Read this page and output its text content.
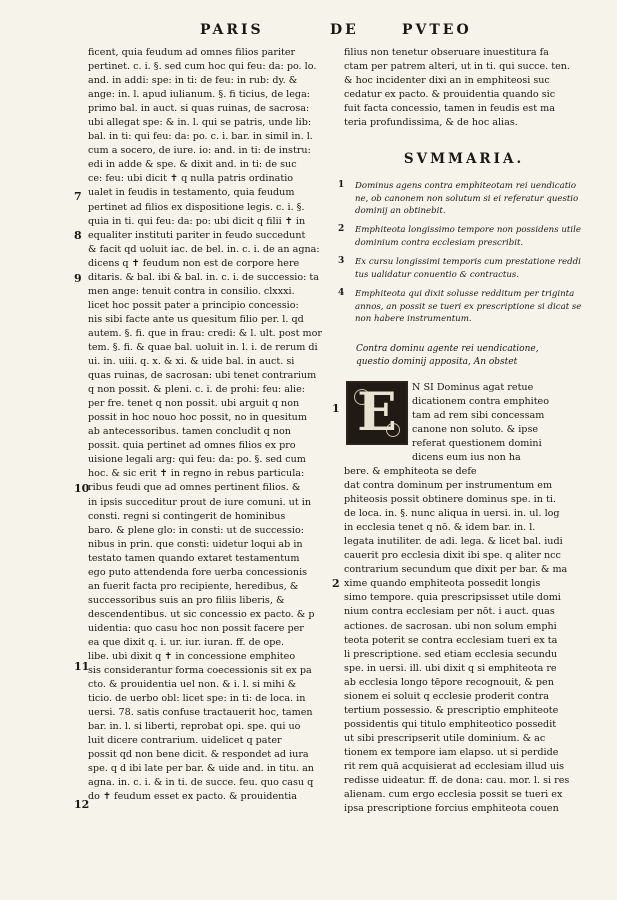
PARIS	DE	PVTEO
ficent, quia feudum ad omnes filios pariter
pertinet. c. i. §. sed cum hoc qui feu: da: po. lo.
and. in addi: spe: in ti: de feu: in rub: dy. &
ange: in. l. apud iulianum. §. fi ticius, de lega:
primo bal. in auct. si quas ruinas, de sacrosa:
ubi allegat spe: & in. l. qui se patris, unde lib:
bal. in ti: qui feu: da: po. c. i. bar. in simil in. l.
cum a socero, de iure. io: and. in ti: de instru:
edi in adde & spe. & dixit and. in ti: de suc
ce: feu: ubi dicit ✝ q nulla patris ordinatio
ualet in feudis in testamento, quia feudum
pertinet ad filios ex dispositione legis. c. i. §.
quia in ti. qui feu: da: po: ubi dicit q filii ✝ in
equaliter instituti pariter in feudo succedunt
& facit qd uoluit iac. de bel. in. c. i. de an agna:
dicens q ✝ feudum non est de corpore here
ditaris. & bal. ibi & bal. in. c. i. de successio: ta
men ange: tenuit contra in consilio. clxxxi.
licet hoc possit pater a principio concessio:
nis sibi facte ante us quesitum filio per. l. qd
autem. §. fi. que in frau: credi: & l. ult. post mor
tem. §. fi. & quae bal. uoluit in. l. i. de rerum di
ui. in. uiii. q. x. & xi. & uide bal. in auct. si
quas ruinas, de sacrosan: ubi tenet contrarium
q non possit. & pleni. c. i. de prohi: feu: alie:
per fre. tenet q non possit. ubi arguit q non
possit in hoc nouo hoc possit, no in quesitum
ab antecessoribus. tamen concludit q non
possit. quia pertinet ad omnes filios ex pro
uisione legali arg: qui feu: da: po. §. sed cum
hoc. & sic erit ✝ in regno in rebus particula:
ribus feudi que ad omnes pertinent filios. &
in ipsis succeditur prout de iure comuni. ut in
consti. regni si contingerit de hominibus
baro. & plene glo: in consti: ut de successio:
nibus in prin. que consti: uidetur loqui ab in
testato tamen quando extaret testamentum
ego puto attendenda fore uerba concessionis
an fuerit facta pro recipiente, heredibus, &
successoribus suis an pro filiis liberis, &
descendentibus. ut sic concessio ex pacto. & p
uidentia: quo casu hoc non possit facere per
ea que dixit q. i. ur. iur. iuran. ff. de ope.
libe. ubi dixit q ✝ in concessione emphiteo
sis considerantur forma coecessionis sit ex pa
cto. & prouidentia uel non. & i. l. si mihi &
ticio. de uerbo obl: licet spe: in ti: de loca. in
uersi. 78. satis confuse tractauerit hoc, tamen
bar. in. l. si liberti, reprobat opi. spe. qui uo
luit dicere contrarium. uidelicet q pater
possit qd non bene dicit. & respondet ad iura
spe. q d ibi late per bar. & uide and. in titu. an
agna. in. c. i. & in ti. de succe. feu. quo casu q
do ✝ feudum esset ex pacto. & prouidentia
filius non tenetur obseruare inuestitura fa
ctam per patrem alteri, ut in ti. qui succe. ten.
& hoc incidenter dixi an in emphiteosi suc
cedatur ex pacto. & prouidentia quando sic
fuit facta concessio, tamen in feudis est ma
teria profundissima, & de hoc alias.
SVMMARIA.
1 Dominus agens contra emphiteotam rei uendicatio
ne, ob canonem non solutum si ei referatur questio
dominij an obtinebit.
2 Emphiteota longissimo tempore non possidens utile
dominium contra ecclesiam prescribit.
3 Ex cursu longissimi temporis cum prestatione reddi
tus ualidatur conuentio & contractus.
4 Emphiteota qui dixit solusse redditum per triginta
annos, an possit se tueri ex prescriptione si dicat se
non habere instrumentum.
Contra dominu agente rei uendicatione,
questio dominij apposita, An obstet
E	N SI Dominus agat retue
dicationem contra emphiteo
tam ad rem sibi concessam
canone non soluto. & ipse
referat questionem domini
dicens eum ius non ha
bere. & emphiteota se defe
dat contra dominum per instrumentum em
phiteosis possit obtinere dominus spe. in ti.
de loca. in. §. nunc aliqua in uersi. in. ul. log
in ecclesia tenet q nō. & idem bar. in. l.
legata inutiliter. de adi. lega. & licet bal. iudi
cauerit pro ecclesia dixit ibi spe. q aliter ncc
contrarium secundum que dixit per bar. & ma
xime quando emphiteota possedit longis
simo tempore. quia prescripsisset utile domi
nium contra ecclesiam per nōt. i auct. quas
actiones. de sacrosan. ubi non solum emphi
teota poterit se contra ecclesiam tueri ex ta
li prescriptione. sed etiam ecclesia secundu
spe. in uersi. ill. ubi dixit q si emphiteota re
ab ecclesia longo tēpore recognouit, & pen
sionem ei soluit q ecclesie proderit contra
tertium possessio. & prescriptio emphiteote
possidentis qui titulo emphiteotico possedit
ut sibi prescripserit utile dominium. & ac
tionem ex tempore iam elapso. ut si perdide
rit rem quā acquisierat ad ecclesiam illud uis
redisse uideatur. ff. de dona: cau. mor. l. si res
alienam. cum ergo ecclesia possit se tueri ex
ipsa prescriptione forcius emphiteota couen
7
8
9
10
11
12
1
2
